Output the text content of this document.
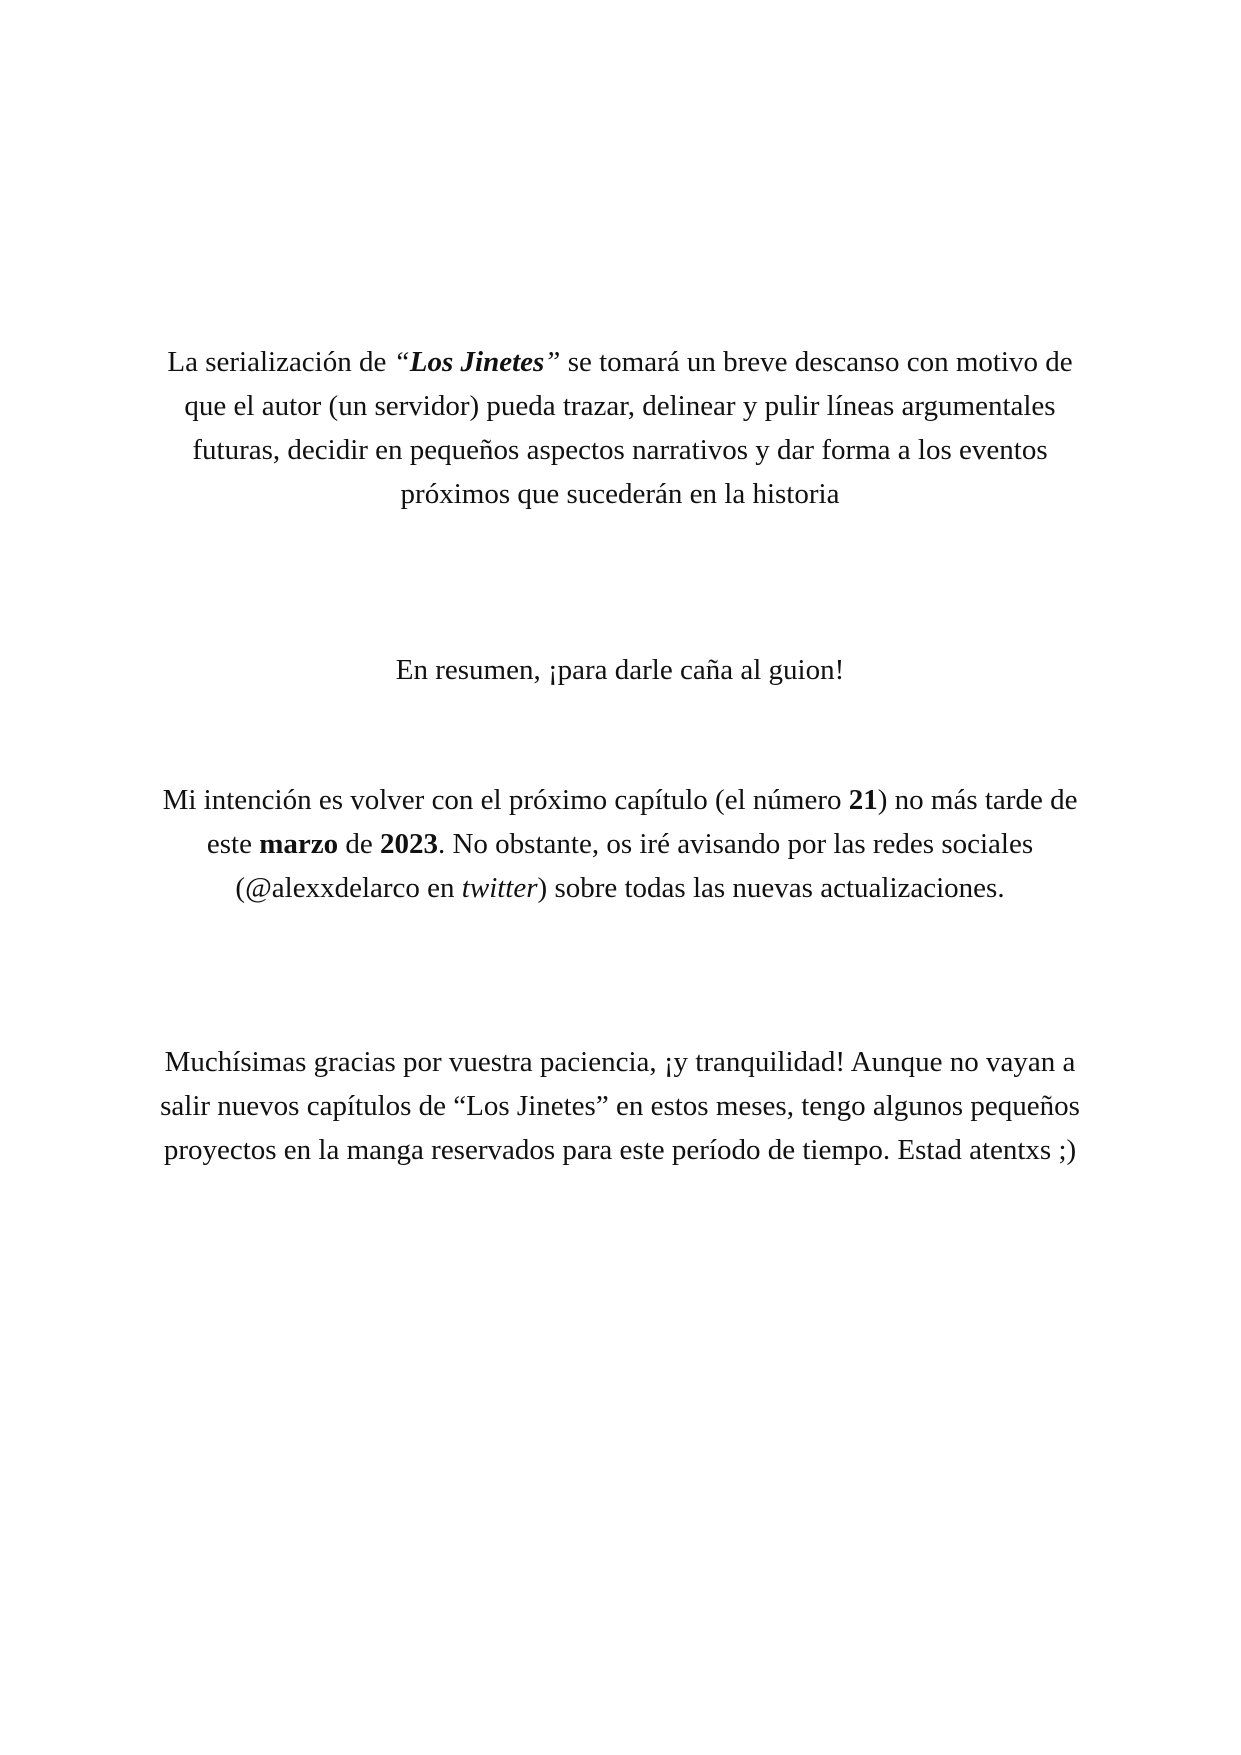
La serialización de “Los Jinetes” se tomará un breve descanso con motivo de que el autor (un servidor) pueda trazar, delinear y pulir líneas argumentales futuras, decidir en pequeños aspectos narrativos y dar forma a los eventos próximos que sucederán en la historia

En resumen, ¡para darle caña al guion!

Mi intención es volver con el próximo capítulo (el número 21) no más tarde de este marzo de 2023. No obstante, os iré avisando por las redes sociales (@alexxdelarco en twitter) sobre todas las nuevas actualizaciones.

Muchísimas gracias por vuestra paciencia, ¡y tranquilidad! Aunque no vayan a salir nuevos capítulos de “Los Jinetes” en estos meses, tengo algunos pequeños proyectos en la manga reservados para este período de tiempo. Estad atentxs ;)
